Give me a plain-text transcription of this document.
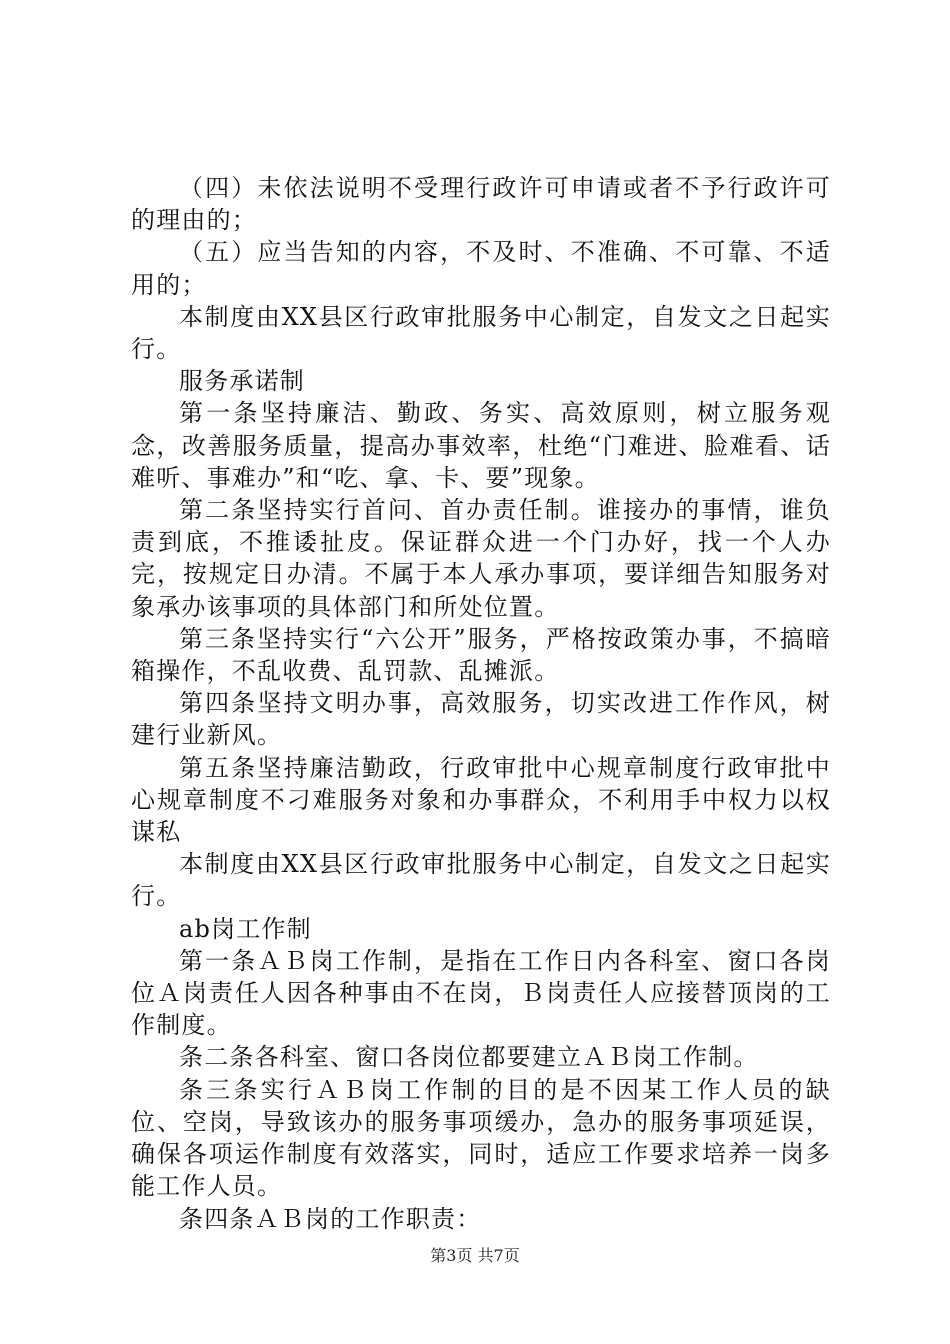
（四）未依法说明不受理行政许可申请或者不予行政许可的理由的；

（五）应当告知的内容，不及时、不准确、不可靠、不适用的；

本制度由XX县区行政审批服务中心制定，自发文之日起实行。

服务承诺制

第一条坚持廉洁、勤政、务实、高效原则，树立服务观念，改善服务质量，提高办事效率，杜绝“门难进、脸难看、话难听、事难办”和“吃、拿、卡、要”现象。

第二条坚持实行首问、首办责任制。谁接办的事情，谁负责到底，不推诿扯皮。保证群众进一个门办好，找一个人办完，按规定日办清。不属于本人承办事项，要详细告知服务对象承办该事项的具体部门和所处位置。

第三条坚持实行“六公开”服务，严格按政策办事，不搞暗箱操作，不乱收费、乱罚款、乱摊派。

第四条坚持文明办事，高效服务，切实改进工作作风，树建行业新风。

第五条坚持廉洁勤政，行政审批中心规章制度行政审批中心规章制度不刁难服务对象和办事群众，不利用手中权力以权谋私

本制度由XX县区行政审批服务中心制定，自发文之日起实行。

ab岗工作制

第一条ＡＢ岗工作制，是指在工作日内各科室、窗口各岗位Ａ岗责任人因各种事由不在岗，Ｂ岗责任人应接替顶岗的工作制度。

条二条各科室、窗口各岗位都要建立ＡＢ岗工作制。

条三条实行ＡＢ岗工作制的目的是不因某工作人员的缺位、空岗，导致该办的服务事项缓办，急办的服务事项延误，确保各项运作制度有效落实，同时，适应工作要求培养一岗多能工作人员。

条四条ＡＢ岗的工作职责：

第3页 共7页
